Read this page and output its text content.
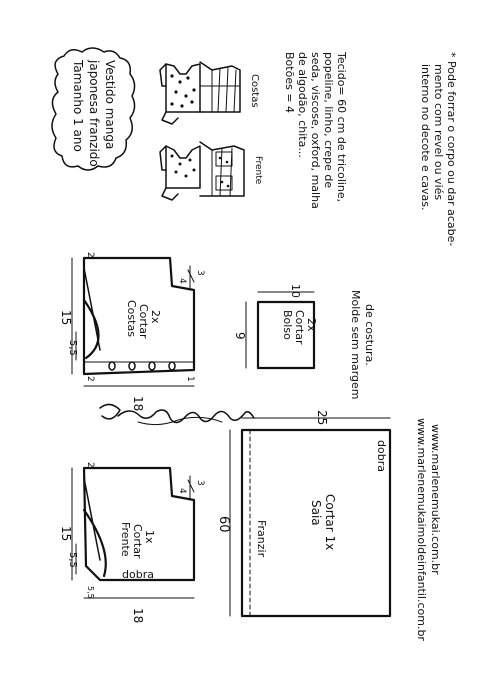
Vestido manga
japonesa franzido
Tamanho 1 ano	Costas
Frente	Tecido= 60 cm de tricoline,
popeline, linho, crepe de
seda, viscose, oxford, malha
de algodão, chita...
Botões = 4	* Pode forrar o corpo ou dar acabe-
mento com revel ou viés
interno no decote e cavas.
Costas Cortar 2x
15
18
5,5
2
4
3
2	1
Bolso Cortar 2x
9
10	Molde sem margem de costura.
dobra
Frente Cortar 1x
15
18
5,5
5,5
2
4
3
Saia Cortar 1x
Franzir
dobra
60
25
www.marlenemukaimoldeinfantil.com.br www.marlenemukai.com.br
